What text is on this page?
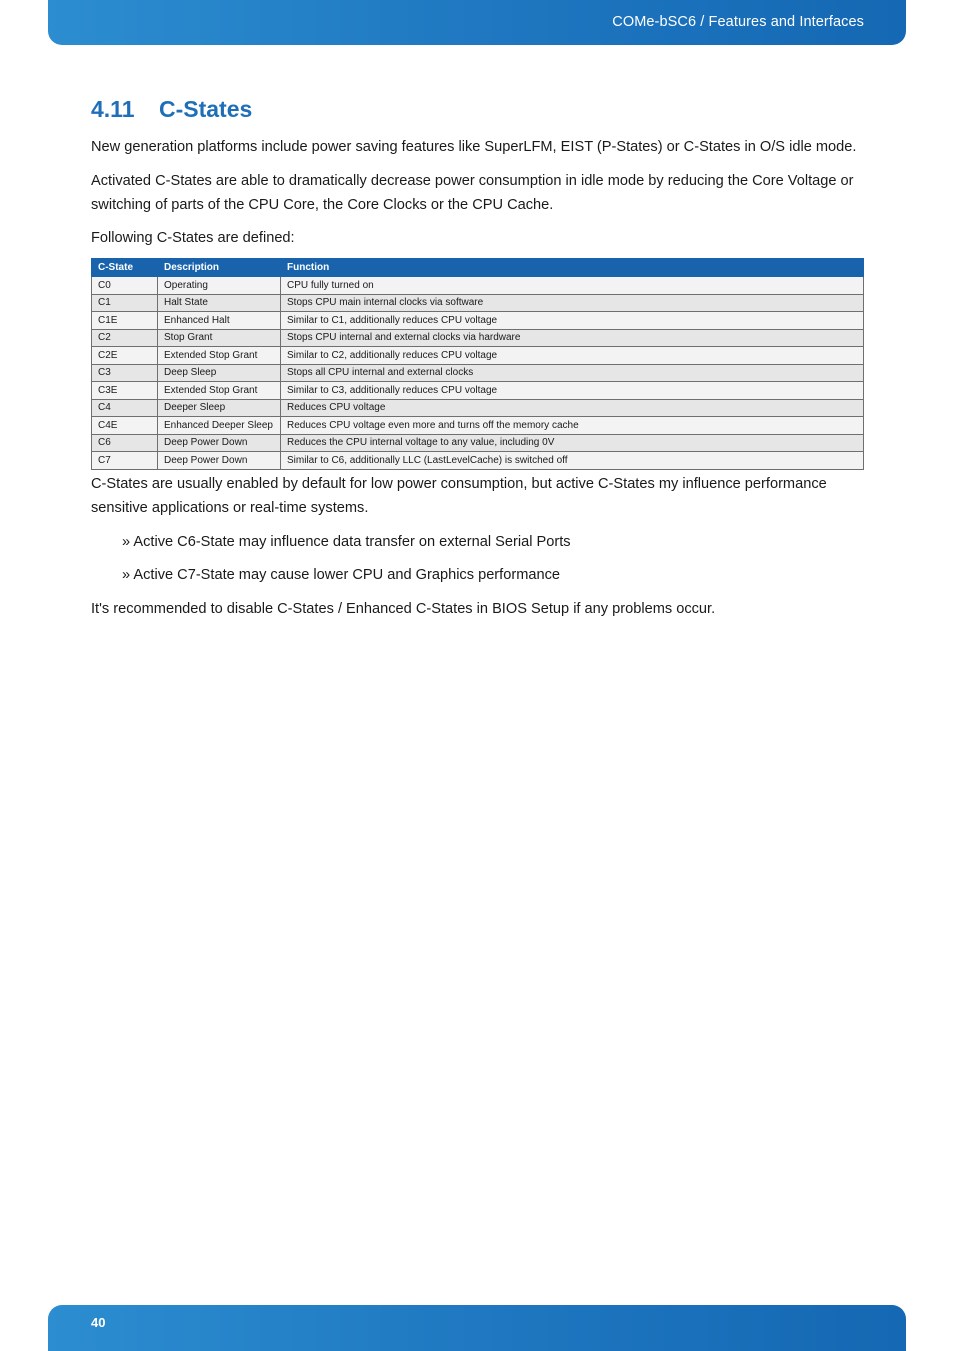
COMe-bSC6 / Features and Interfaces
4.11 C-States

New generation platforms include power saving features like SuperLFM, EIST (P-States) or C-States in O/S idle mode.

Activated C-States are able to dramatically decrease power consumption in idle mode by reducing the Core Voltage or switching of parts of the CPU Core, the Core Clocks or the CPU Cache.

Following C-States are defined:

C-State	Description	Function
C0	Operating	CPU fully turned on
C1	Halt State	Stops CPU main internal clocks via software
C1E	Enhanced Halt	Similar to C1, additionally reduces CPU voltage
C2	Stop Grant	Stops CPU internal and external clocks via hardware
C2E	Extended Stop Grant	Similar to C2, additionally reduces CPU voltage
C3	Deep Sleep	Stops all CPU internal and external clocks
C3E	Extended Stop Grant	Similar to C3, additionally reduces CPU voltage
C4	Deeper Sleep	Reduces CPU voltage
C4E	Enhanced Deeper Sleep	Reduces CPU voltage even more and turns off the memory cache
C6	Deep Power Down	Reduces the CPU internal voltage to any value, including 0V
C7	Deep Power Down	Similar to C6, additionally LLC (LastLevelCache) is switched off

C-States are usually enabled by default for low power consumption, but active C-States my influence performance sensitive applications or real-time systems.

» Active C6-State may influence data transfer on external Serial Ports

» Active C7-State may cause lower CPU and Graphics performance

It's recommended to disable C-States / Enhanced C-States in BIOS Setup if any problems occur.

40
